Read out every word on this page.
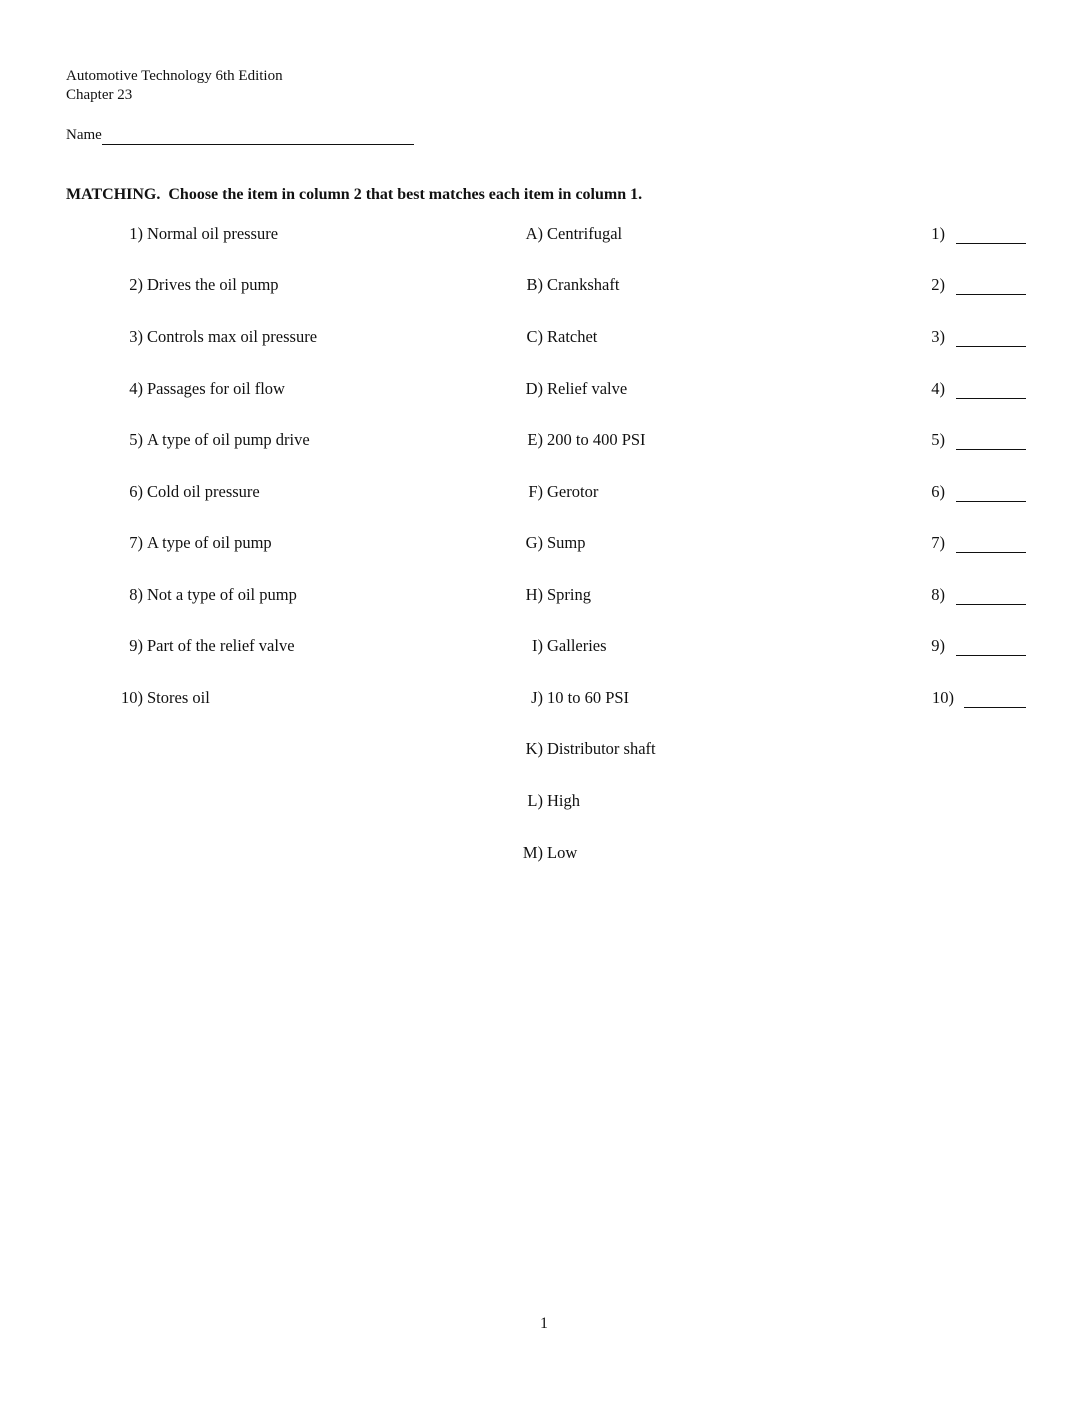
Automotive Technology 6th Edition
Chapter 23
Name
MATCHING.  Choose the item in column 2 that best matches each item in column 1.
1) Normal oil pressure
2) Drives the oil pump
3) Controls max oil pressure
4) Passages for oil flow
5) A type of oil pump drive
6) Cold oil pressure
7) A type of oil pump
8) Not a type of oil pump
9) Part of the relief valve
10) Stores oil
A) Centrifugal
B) Crankshaft
C) Ratchet
D) Relief valve
E) 200 to 400 PSI
F) Gerotor
G) Sump
H) Spring
I) Galleries
J) 10 to 60 PSI
K) Distributor shaft
L) High
M) Low
1)
2)
3)
4)
5)
6)
7)
8)
9)
10)
1
